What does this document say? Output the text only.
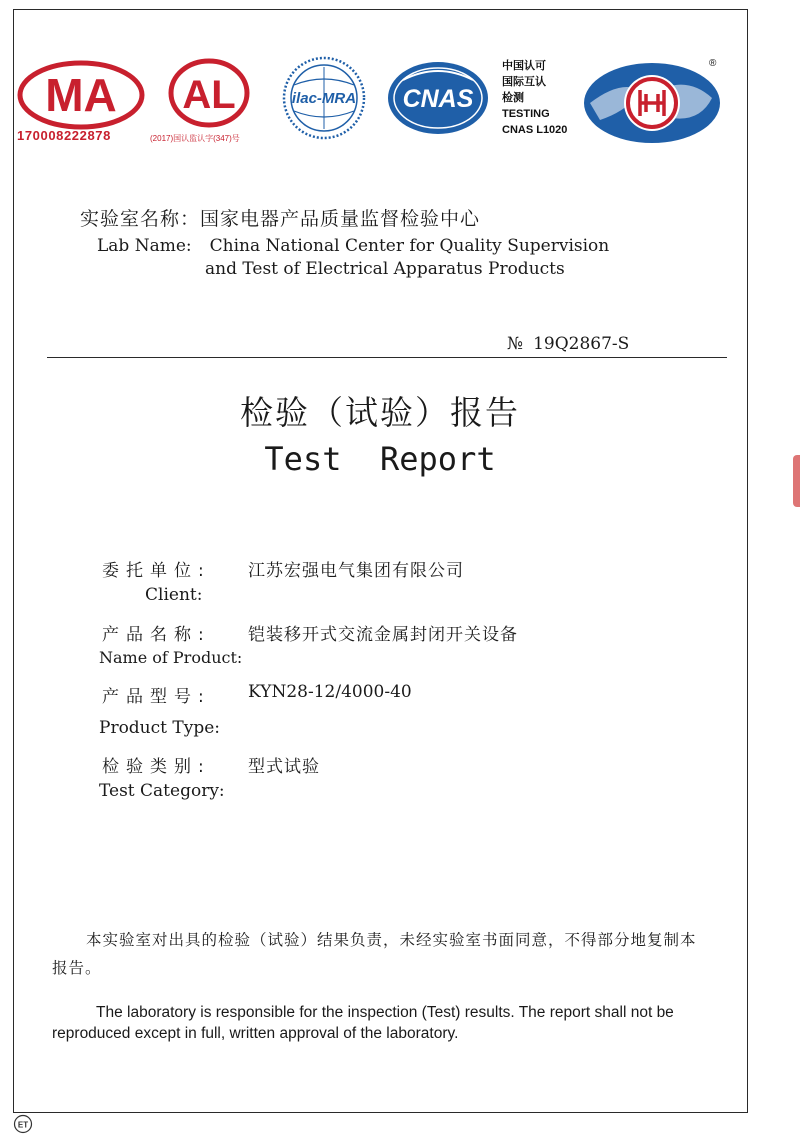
MA
170008222878
AL
(2017)国认监认字(347)号
ilac-MRA CNAS
中国认可
国际互认
检测
TESTING
CNAS L1020
®
实验室名称：国家电器产品质量监督检验中心
Lab Name: China National Center for Quality Supervision
and Test of Electrical Apparatus Products
№ 19Q2867-S
检验（试验）报告
Test  Report
委托单位: 江苏宏强电气集团有限公司
Client:
产品名称: 铠装移开式交流金属封闭开关设备
Name of Product:
产品型号: KYN28-12/4000-40
Product Type:
检验类别: 型式试验
Test Category:
本实验室对出具的检验（试验）结果负责，未经实验室书面同意，不得部分地复制本报告。
The laboratory is responsible for the inspection (Test) results. The report shall not be reproduced except in full, written approval of the laboratory.
ET
